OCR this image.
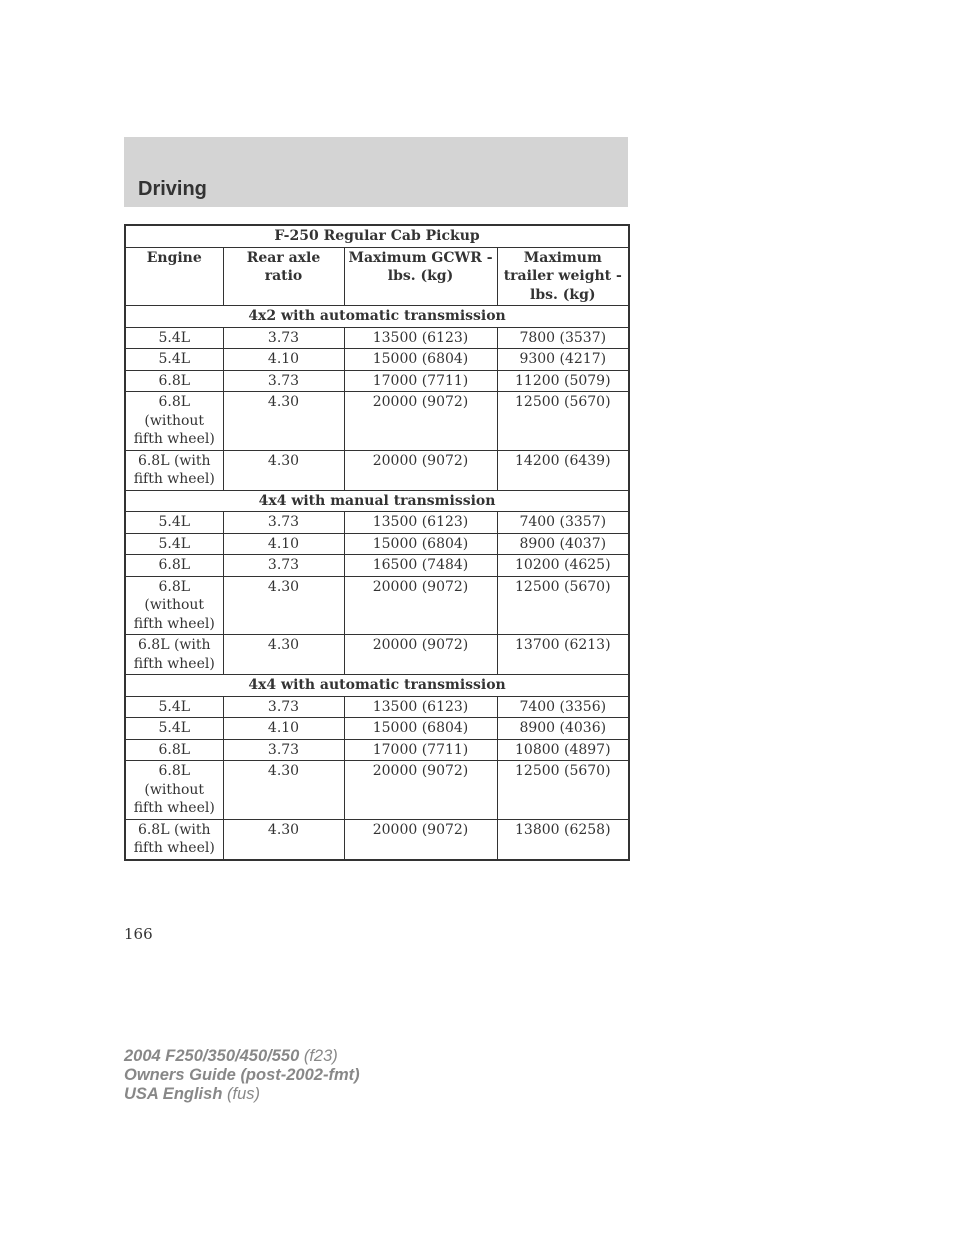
Driving
F-250 Regular Cab Pickup			
Engine	Rear axle ratio	Maximum GCWR - lbs. (kg)	Maximum trailer weight - lbs. (kg)
4x2 with automatic transmission			
5.4L	3.73	13500 (6123)	7800 (3537)
5.4L	4.10	15000 (6804)	9300 (4217)
6.8L	3.73	17000 (7711)	11200 (5079)
6.8L (without fifth wheel)	4.30	20000 (9072)	12500 (5670)
6.8L (with fifth wheel)	4.30	20000 (9072)	14200 (6439)
4x4 with manual transmission			
5.4L	3.73	13500 (6123)	7400 (3357)
5.4L	4.10	15000 (6804)	8900 (4037)
6.8L	3.73	16500 (7484)	10200 (4625)
6.8L (without fifth wheel)	4.30	20000 (9072)	12500 (5670)
6.8L (with fifth wheel)	4.30	20000 (9072)	13700 (6213)
4x4 with automatic transmission			
5.4L	3.73	13500 (6123)	7400 (3356)
5.4L	4.10	15000 (6804)	8900 (4036)
6.8L	3.73	17000 (7711)	10800 (4897)
6.8L (without fifth wheel)	4.30	20000 (9072)	12500 (5670)
6.8L (with fifth wheel)	4.30	20000 (9072)	13800 (6258)
166
2004 F250/350/450/550 (f23)
Owners Guide (post-2002-fmt)
USA English (fus)
